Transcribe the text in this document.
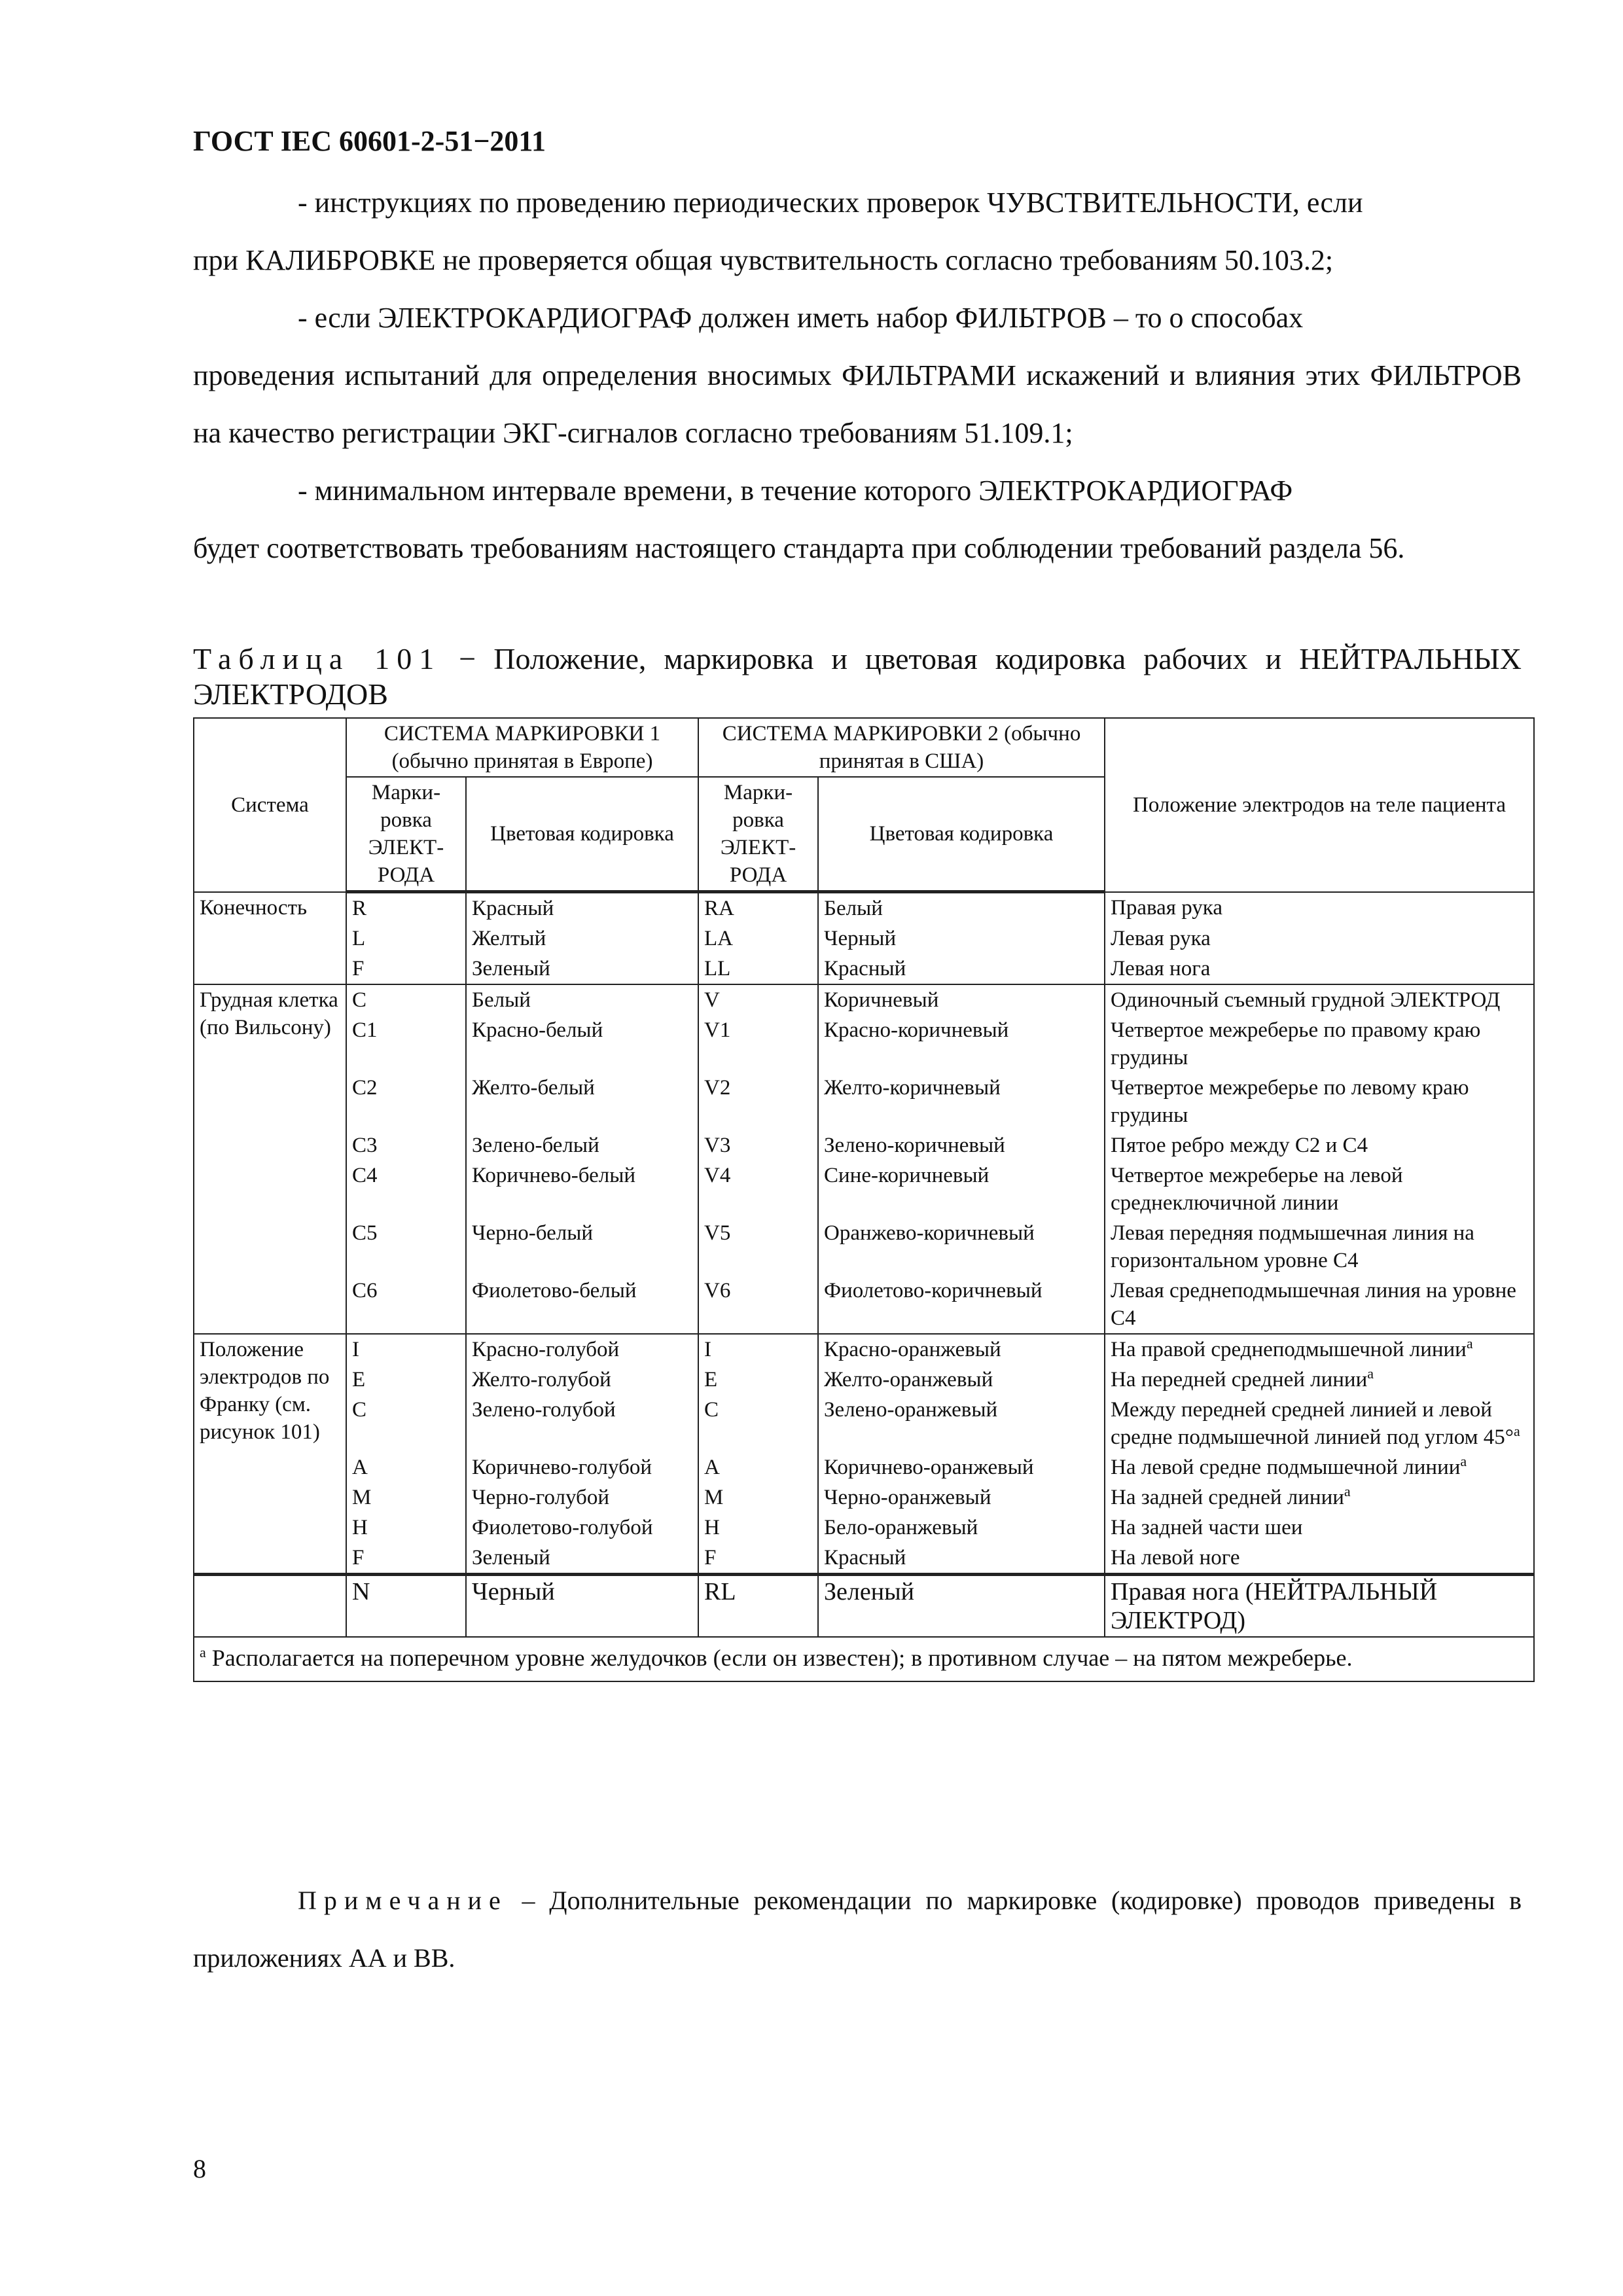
ГОСТ IEC 60601-2-51−2011
- инструкциях по проведению периодических проверок ЧУВСТВИТЕЛЬНОСТИ, если
при КАЛИБРОВКЕ не проверяется общая чувствительность согласно требованиям 50.103.2;
- если ЭЛЕКТРОКАРДИОГРАФ должен иметь набор ФИЛЬТРОВ – то о способах
проведения испытаний для определения вносимых ФИЛЬТРАМИ искажений и влияния этих ФИЛЬТРОВ на качество регистрации ЭКГ-сигналов согласно требованиям 51.109.1;
- минимальном интервале времени, в течение которого ЭЛЕКТРОКАРДИОГРАФ
будет соответствовать требованиям настоящего стандарта при соблюдении требований раздела 56.
Таблица 101 − Положение, маркировка и цветовая кодировка рабочих и НЕЙТРАЛЬНЫХ ЭЛЕКТРОДОВ
Система	СИСТЕМА МАРКИРОВКИ 1 (обычно принятая в Европе)		СИСТЕМА МАРКИРОВКИ 2 (обычно принятая в США)		Положение электродов на теле пациента
	Марки-ровка ЭЛЕКТ-РОДА	Цветовая кодировка	Марки-ровка ЭЛЕКТ-РОДА	Цветовая кодировка	
Конечность	R	Красный	RA	Белый	Правая рука
	L	Желтый	LA	Черный	Левая рука
	F	Зеленый	LL	Красный	Левая нога
Грудная клетка (по Вильсону)	C	Белый	V	Коричневый	Одиночный съемный грудной ЭЛЕКТРОД
	C1	Красно-белый	V1	Красно-коричневый	Четвертое межреберье по правому краю грудины
	C2	Желто-белый	V2	Желто-коричневый	Четвертое межреберье по левому краю грудины
	C3	Зелено-белый	V3	Зелено-коричневый	Пятое ребро между C2 и C4
	C4	Коричнево-белый	V4	Сине-коричневый	Четвертое межреберье на левой среднеключичной линии
	C5	Черно-белый	V5	Оранжево-коричневый	Левая передняя подмышечная линия на горизонтальном уровне C4
	C6	Фиолетово-белый	V6	Фиолетово-коричневый	Левая среднеподмышечная линия на уровне C4
Положение электродов по Франку (см. рисунок 101)	I	Красно-голубой	I	Красно-оранжевый	На правой среднеподмышечной линии$^a$
	E	Желто-голубой	E	Желто-оранжевый	На передней средней линии$^a$
	C	Зелено-голубой	C	Зелено-оранжевый	Между передней средней линией и левой средне подмышечной линией под углом 45°$^a$
	A	Коричнево-голубой	A	Коричнево-оранжевый	На левой средне подмышечной линии$^a$
	M	Черно-голубой	M	Черно-оранжевый	На задней средней линии$^a$
	H	Фиолетово-голубой	H	Бело-оранжевый	На задней части шеи
	F	Зеленый	F	Красный	На левой ноге
	N	Черный	RL	Зеленый	Правая нога (НЕЙТРАЛЬНЫЙ ЭЛЕКТРОД)
$^a$ Располагается на поперечном уровне желудочков (если он известен); в противном случае – на пятом межреберье.					
Примечание – Дополнительные рекомендации по маркировке (кодировке) проводов приведены в приложениях АА и ВВ.
8
